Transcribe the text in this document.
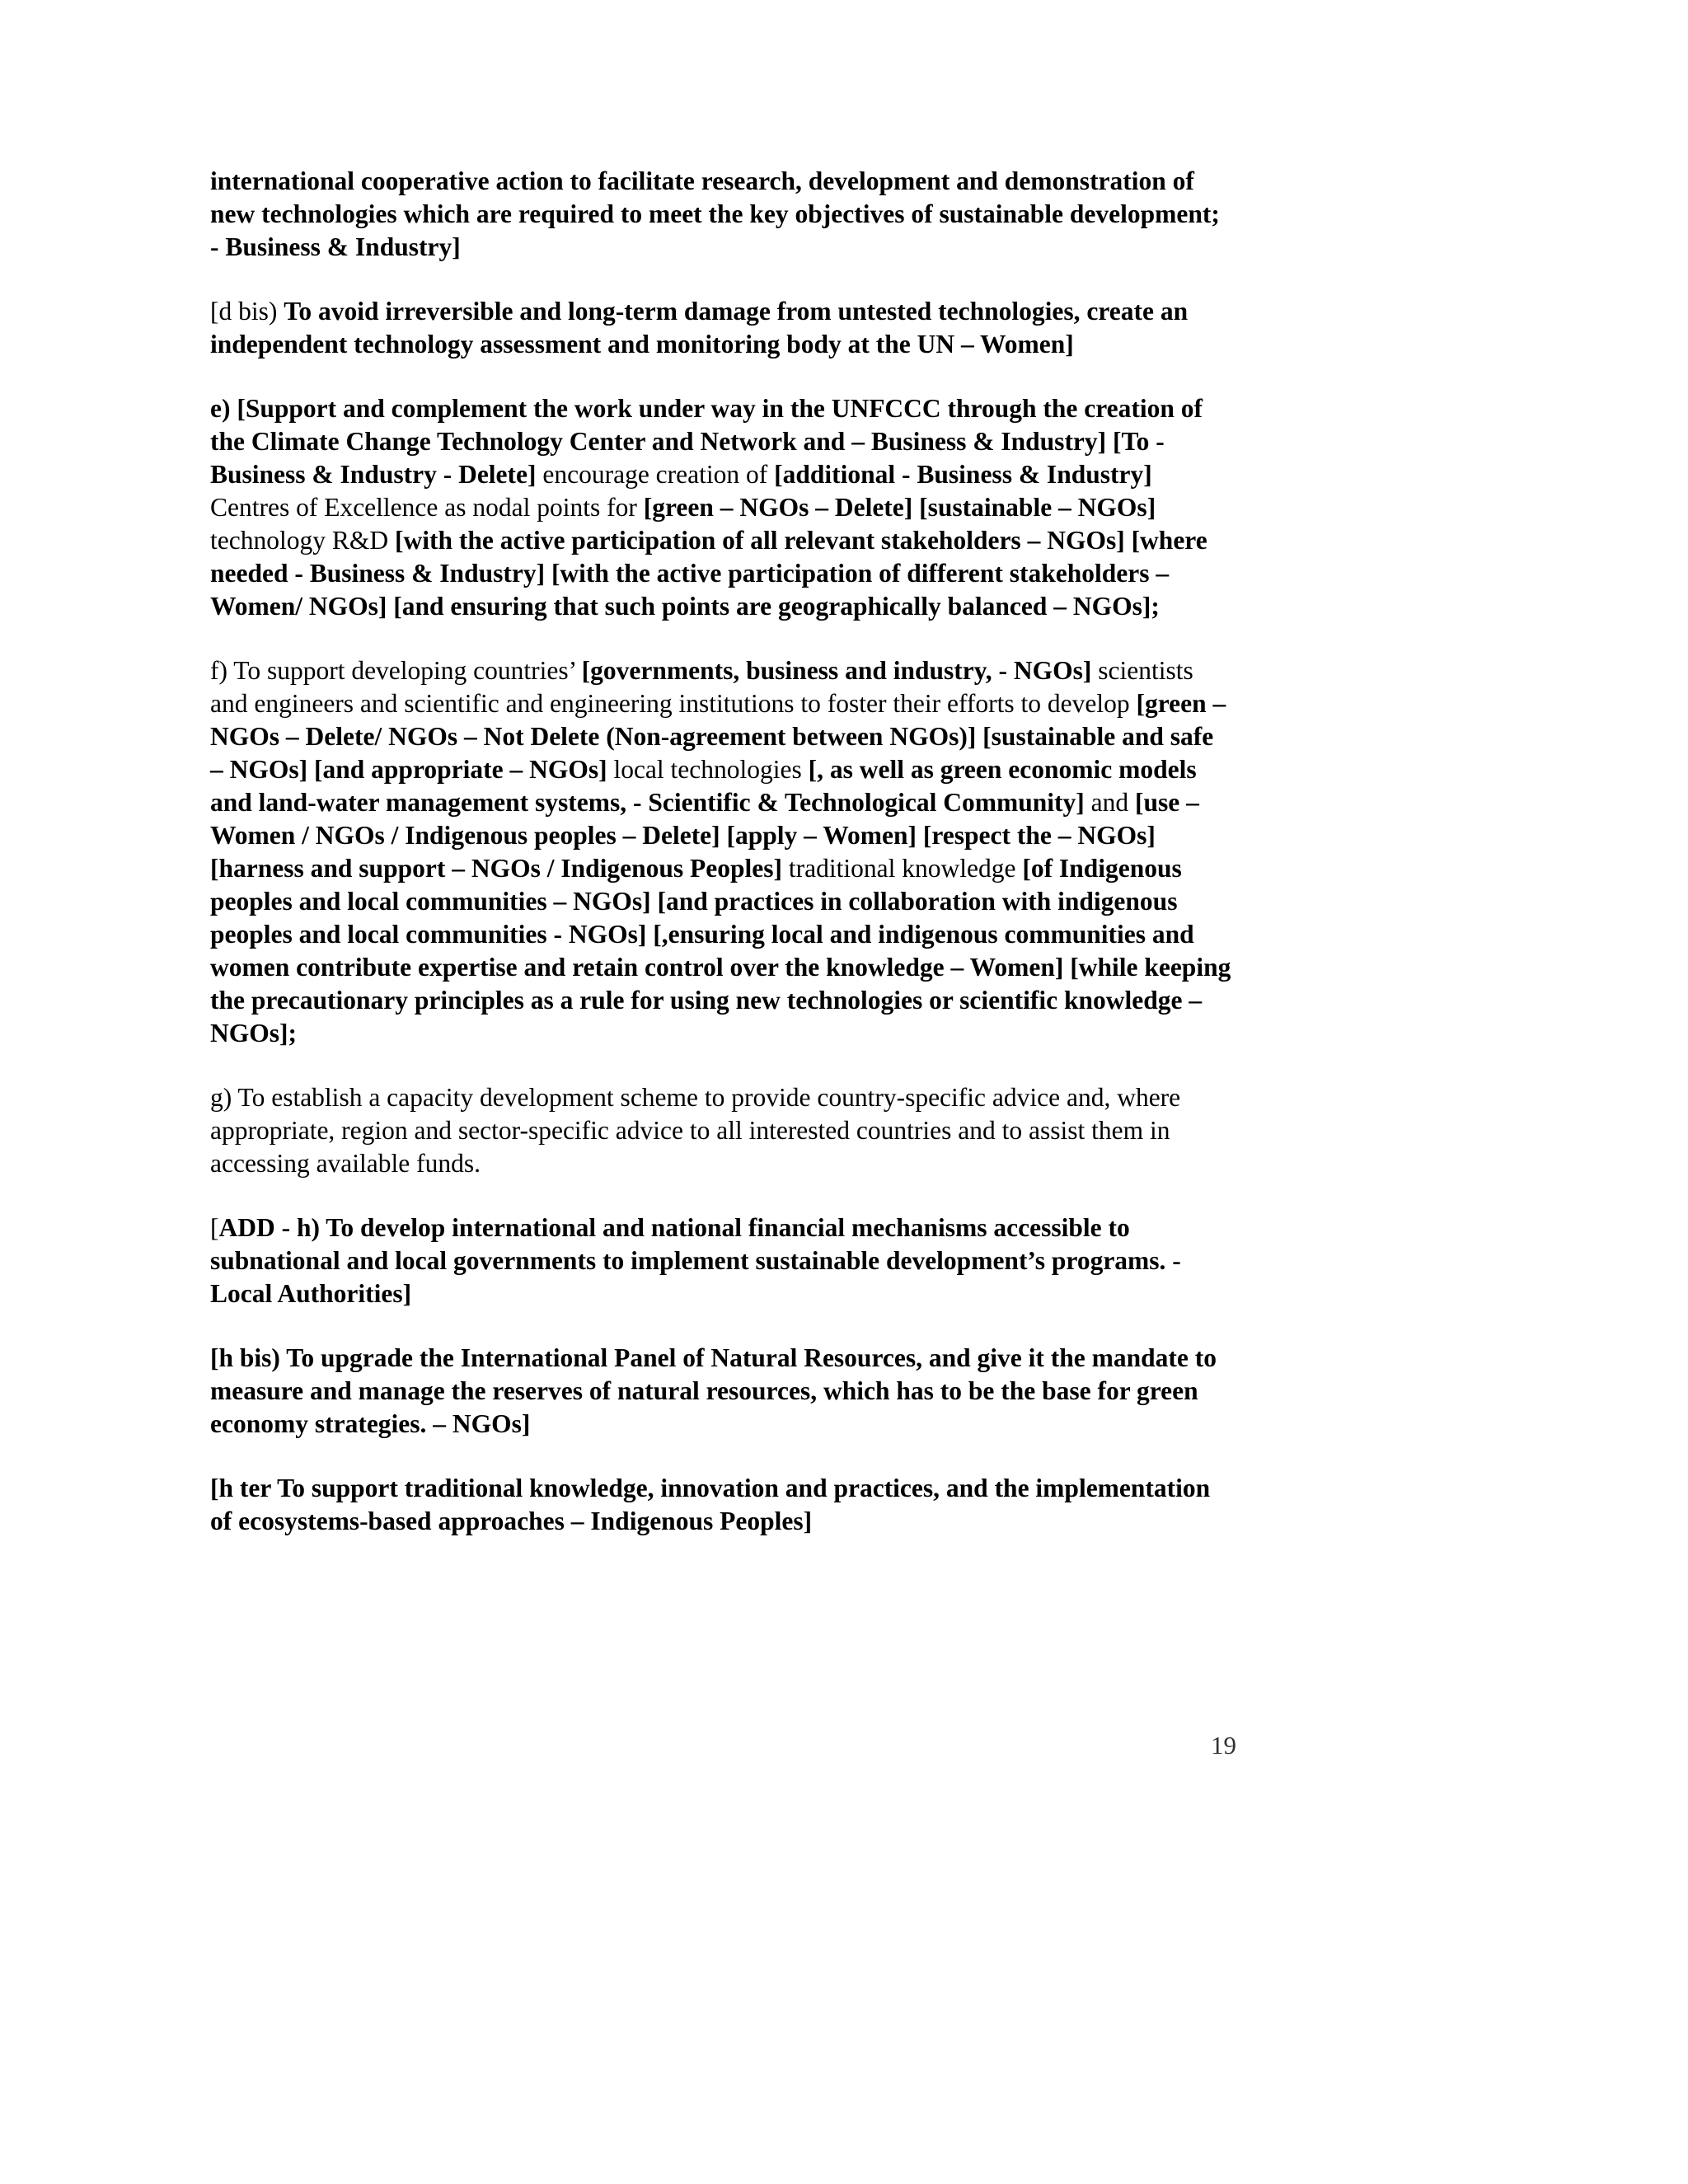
international cooperative action to facilitate research, development and demonstration of new technologies which are required to meet the key objectives of sustainable development; - Business & Industry]

[d bis) To avoid irreversible and long-term damage from untested technologies, create an independent technology assessment and monitoring body at the UN – Women]

e) [Support and complement the work under way in the UNFCCC through the creation of the Climate Change Technology Center and Network and – Business & Industry] [To - Business & Industry - Delete] encourage creation of [additional - Business & Industry] Centres of Excellence as nodal points for [green – NGOs – Delete] [sustainable – NGOs] technology R&D [with the active participation of all relevant stakeholders – NGOs] [where needed - Business & Industry] [with the active participation of different stakeholders – Women/ NGOs] [and ensuring that such points are geographically balanced – NGOs];

f) To support developing countries’ [governments, business and industry, - NGOs] scientists and engineers and scientific and engineering institutions to foster their efforts to develop [green – NGOs – Delete/ NGOs – Not Delete (Non-agreement between NGOs)] [sustainable and safe – NGOs] [and appropriate – NGOs] local technologies [, as well as green economic models and land-water management systems, - Scientific & Technological Community] and [use – Women / NGOs / Indigenous peoples – Delete] [apply – Women] [respect the – NGOs] [harness and support – NGOs / Indigenous Peoples] traditional knowledge [of Indigenous peoples and local communities – NGOs] [and practices in collaboration with indigenous peoples and local communities - NGOs] [,ensuring local and indigenous communities and women contribute expertise and retain control over the knowledge – Women] [while keeping the precautionary principles as a rule for using new technologies or scientific knowledge – NGOs];

g) To establish a capacity development scheme to provide country-specific advice and, where appropriate, region and sector-specific advice to all interested countries and to assist them in accessing available funds.

[ADD - h) To develop international and national financial mechanisms accessible to subnational and local governments to implement sustainable development’s programs. - Local Authorities]

[h bis) To upgrade the International Panel of Natural Resources, and give it the mandate to measure and manage the reserves of natural resources, which has to be the base for green economy strategies. – NGOs]

[h ter To support traditional knowledge, innovation and practices, and the implementation of ecosystems-based approaches – Indigenous Peoples]

19
